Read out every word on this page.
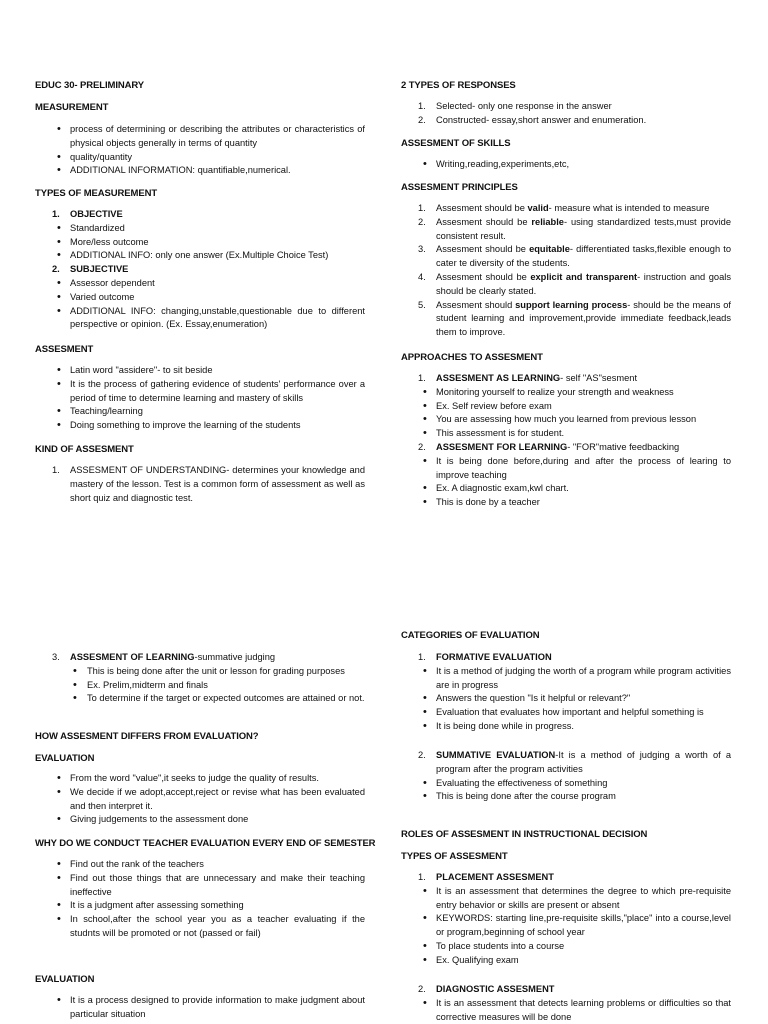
EDUC 30- PRELIMINARY
MEASUREMENT
• process of determining or describing the attributes or characteristics of physical objects generally in terms of quantity
• quality/quantity
• ADDITIONAL INFORMATION: quantifiable,numerical.
TYPES OF MEASUREMENT
1. OBJECTIVE
• Standardized
• More/less outcome
• ADDITIONAL INFO: only one answer (Ex.Multiple Choice Test)
2. SUBJECTIVE
• Assessor dependent
• Varied outcome
• ADDITIONAL INFO: changing,unstable,questionable due to different perspective or opinion. (Ex. Essay,enumeration)
ASSESMENT
• Latin word "assidere"- to sit beside
• It is the process of gathering evidence of students' performance over a period of time to determine learning and mastery of skills
• Teaching/learning
• Doing something to improve the learning of the students
KIND OF ASSESMENT
1. ASSESMENT OF UNDERSTANDING- determines your knowledge and mastery of the lesson. Test is a common form of assessment as well as short quiz and diagnostic test.
2 TYPES OF RESPONSES
1. Selected- only one response in the answer
2. Constructed- essay,short answer and enumeration.
ASSESMENT OF SKILLS
• Writing,reading,experiments,etc,
ASSESMENT PRINCIPLES
1. Assesment should be valid- measure what is intended to measure
2. Assesment should be reliable- using standardized tests,must provide consistent result.
3. Assesment should be equitable- differentiated tasks,flexible enough to cater te diversity of the students.
4. Assesment should be explicit and transparent- instruction and goals should be clearly stated.
5. Assesment should support learning process- should be the means of student learning and improvement,provide immediate feedback,leads them to improve.
APPROACHES TO ASSESMENT
1. ASSESMENT AS LEARNING- self "AS"sesment
• Monitoring yourself to realize your strength and weakness
• Ex. Self review before exam
• You are assessing how much you learned from previous lesson
• This assessment is for student.
2. ASSESMENT FOR LEARNING- "FOR"mative feedbacking
• It is being done before,during and after the process of learing to improve teaching
• Ex. A diagnostic exam,kwl chart.
• This is done by a teacher
3. ASSESMENT OF LEARNING-summative judging
• This is being done after the unit or lesson for grading purposes
• Ex. Prelim,midterm and finals
• To determine if the target or expected outcomes are attained or not.
HOW ASSESMENT DIFFERS FROM EVALUATION?
EVALUATION
• From the word "value",it seeks to judge the quality of results.
• We decide if we adopt,accept,reject or revise what has been evaluated and then interpret it.
• Giving judgements to the assessment done
WHY DO WE CONDUCT TEACHER EVALUATION EVERY END OF SEMESTER
• Find out the rank of the teachers
• Find out those things that are unnecessary and make their teaching ineffective
• It is a judgment after assessing something
• In school,after the school year you as a teacher evaluating if the studnts will be promoted or not (passed or fail)
EVALUATION
• It is a process designed to provide information to make judgment about particular situation
CATEGORIES OF EVALUATION
1. FORMATIVE EVALUATION
• It is a method of judging the worth of a program while program activities are in progress
• Answers the question "Is it helpful or relevant?"
• Evaluation that evaluates how important and helpful something is
• It is being done while in progress.
2. SUMMATIVE EVALUATION-It is a method of judging a worth of a program after the program activities
• Evaluating the effectiveness of something
• This is being done after the course program
ROLES OF ASSESMENT IN INSTRUCTIONAL DECISION
TYPES OF ASSESMENT
1. PLACEMENT ASSESMENT
• It is an assessment that determines the degree to which pre-requisite entry behavior or skills are present or absent
• KEYWORDS: starting line,pre-requisite skills,"place" into a course,level or program,beginning of school year
• To place students into a course
• Ex. Qualifying exam
2. DIAGNOSTIC ASSESMENT
• It is an assessment that detects learning problems or difficulties so that corrective measures will be done
